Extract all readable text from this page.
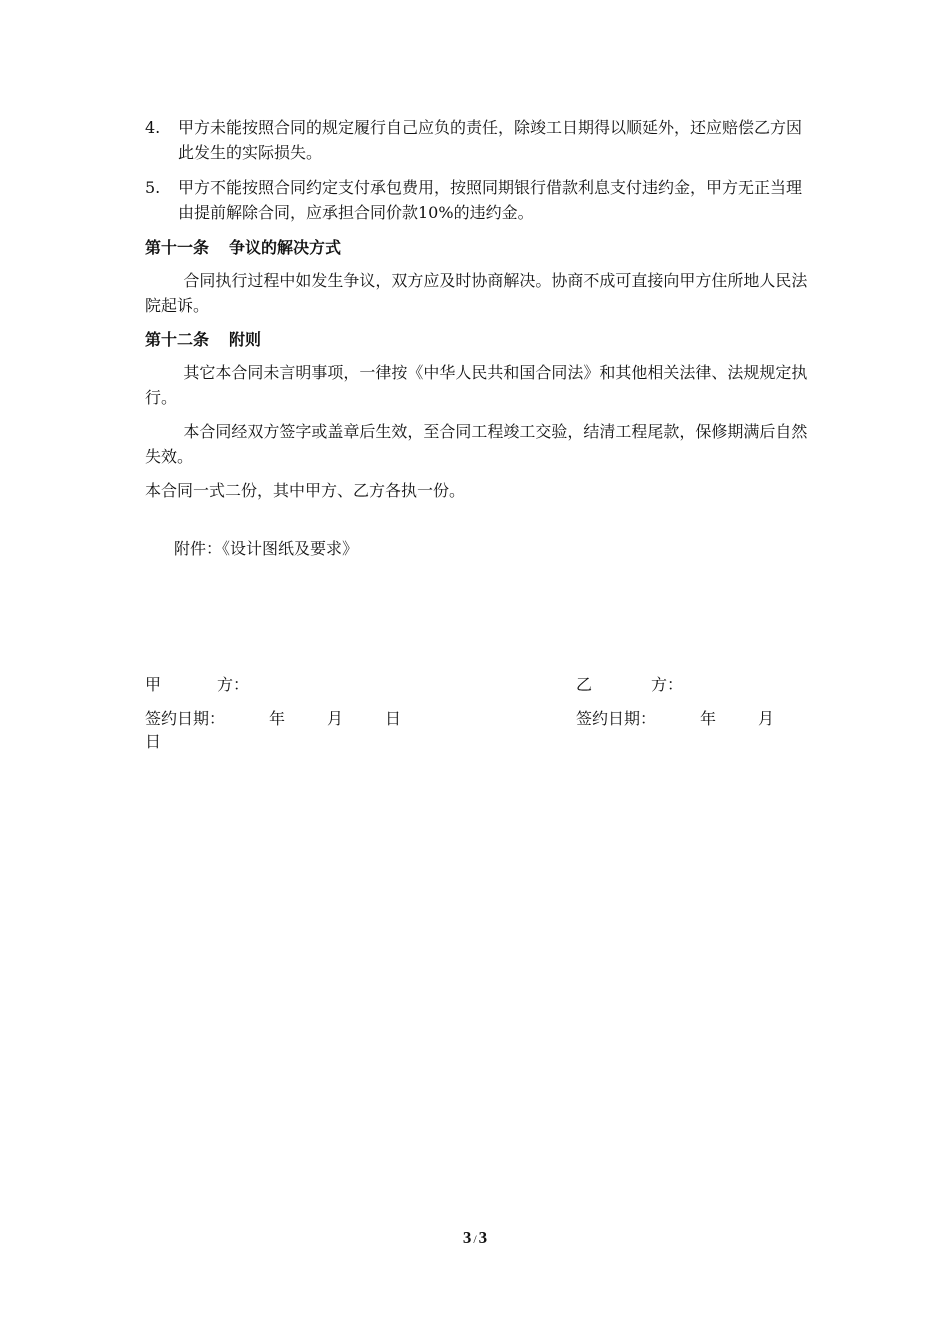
4.	甲方未能按照合同的规定履行自己应负的责任，除竣工日期得以顺延外，还应赔偿乙方因此发生的实际损失。
5.	甲方不能按照合同约定支付承包费用，按照同期银行借款利息支付违约金，甲方无正当理由提前解除合同，应承担合同价款10%的违约金。
第十一条 争议的解决方式
合同执行过程中如发生争议，双方应及时协商解决。协商不成可直接向甲方住所地人民法院起诉。
第十二条 附则
其它本合同未言明事项，一律按《中华人民共和国合同法》和其他相关法律、法规规定执行。
本合同经双方签字或盖章后生效，至合同工程竣工交验，结清工程尾款，保修期满后自然失效。
本合同一式二份，其中甲方、乙方各执一份。
附件：《设计图纸及要求》
甲	方：	乙	方：
签约日期：	年	月	日	签约日期：	年	月
日
3 / 3
